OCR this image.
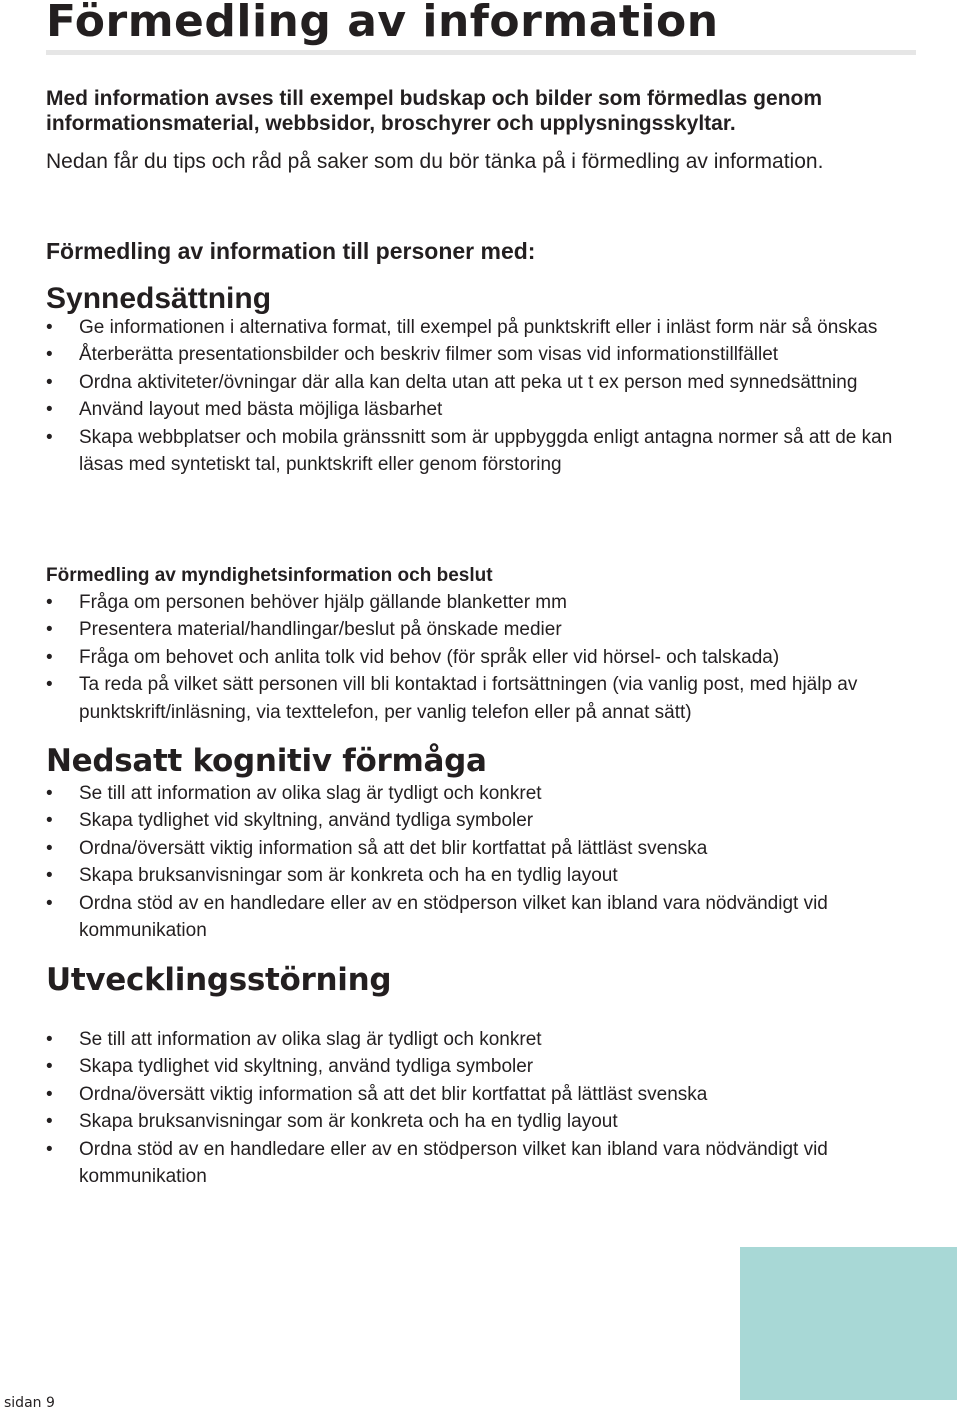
Förmedling av information

Med information avses till exempel budskap och bilder som förmedlas genom informationsmaterial, webbsidor, broschyrer och upplysningsskyltar.

Nedan får du tips och råd på saker som du bör tänka på i förmedling av information.

Förmedling av information till personer med:
Synnedsättning
• Ge informationen i alternativa format, till exempel på punktskrift eller i inläst form när så önskas
• Återberätta presentationsbilder och beskriv filmer som visas vid informationstillfället
• Ordna aktiviteter/övningar där alla kan delta utan att peka ut t ex person med synnedsättning
• Använd layout med bästa möjliga läsbarhet
• Skapa webbplatser och mobila gränssnitt som är uppbyggda enligt antagna normer så att de kan läsas med syntetiskt tal, punktskrift eller genom förstoring
Förmedling av myndighetsinformation och beslut
• Fråga om personen behöver hjälp gällande blanketter mm
• Presentera material/handlingar/beslut på önskade medier
• Fråga om behovet och anlita tolk vid behov (för språk eller vid hörsel- och talskada)
• Ta reda på vilket sätt personen vill bli kontaktad i fortsättningen (via vanlig post, med hjälp av punktskrift/inläsning, via texttelefon, per vanlig telefon eller på annat sätt)
Nedsatt kognitiv förmåga
• Se till att information av olika slag är tydligt och konkret
• Skapa tydlighet vid skyltning, använd tydliga symboler
• Ordna/översätt viktig information så att det blir kortfattat på lättläst svenska
• Skapa bruksanvisningar som är konkreta och ha en tydlig layout
• Ordna stöd av en handledare eller av en stödperson vilket kan ibland vara nödvändigt vid kommunikation
Utvecklingsstörning
• Se till att information av olika slag är tydligt och konkret
• Skapa tydlighet vid skyltning, använd tydliga symboler
• Ordna/översätt viktig information så att det blir kortfattat på lättläst svenska
• Skapa bruksanvisningar som är konkreta och ha en tydlig layout
• Ordna stöd av en handledare eller av en stödperson vilket kan ibland vara nödvändigt vid kommunikation
sidan 9
